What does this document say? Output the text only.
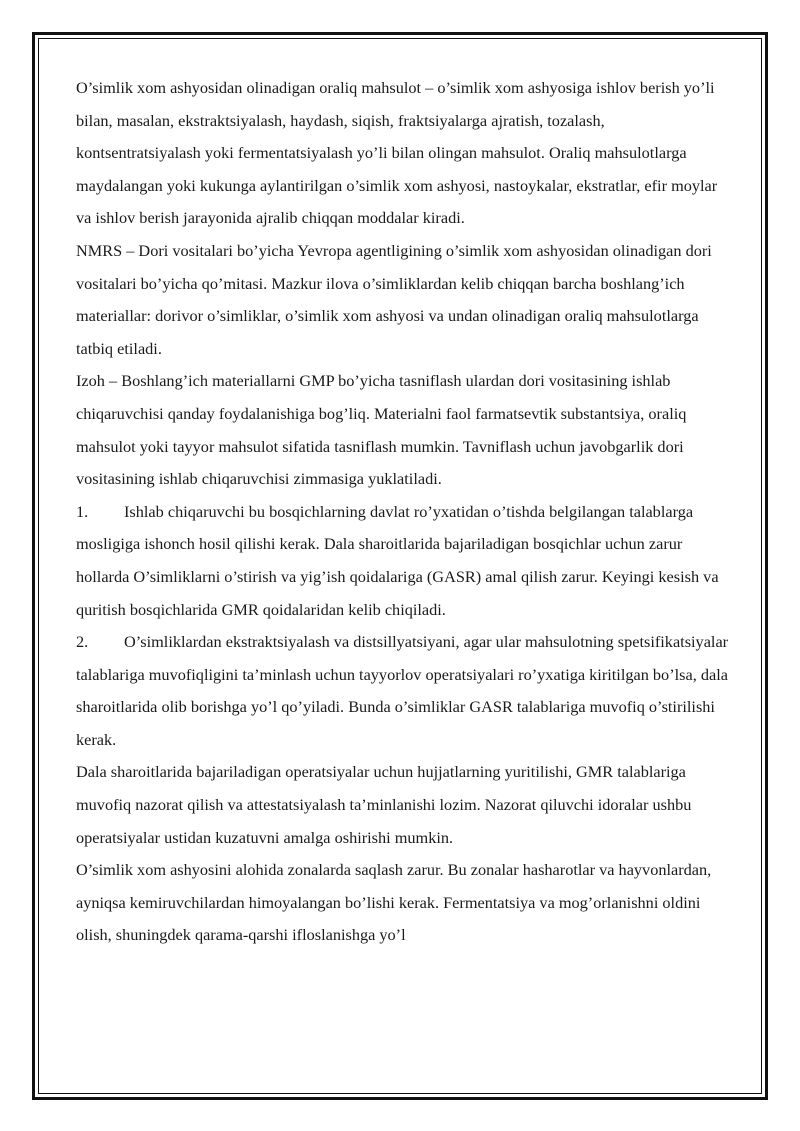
O’simlik xom ashyosidan olinadigan oraliq mahsulot – o’simlik xom ashyosiga ishlov berish yo’li bilan, masalan, ekstraktsiyalash, haydash, siqish, fraktsiyalarga ajratish, tozalash, kontsentratsiyalash yoki fermentatsiyalash yo’li bilan olingan mahsulot. Oraliq mahsulotlarga maydalangan yoki kukunga aylantirilgan o’simlik xom ashyosi, nastoykalar, ekstratlar, efir moylar va ishlov berish jarayonida ajralib chiqqan moddalar kiradi.

NMRS – Dori vositalari bo’yicha Yevropa agentligining o’simlik xom ashyosidan olinadigan dori vositalari bo’yicha qo’mitasi. Mazkur ilova o’simliklardan kelib chiqqan barcha boshlang’ich materiallar: dorivor o’simliklar, o’simlik xom ashyosi va undan olinadigan oraliq mahsulotlarga tatbiq etiladi.

Izoh – Boshlang’ich materiallarni GMP bo’yicha tasniflash ulardan dori vositasining ishlab chiqaruvchisi qanday foydalanishiga bog’liq. Materialni faol farmatsevtik substantsiya, oraliq mahsulot yoki tayyor mahsulot sifatida tasniflash mumkin. Tavniflash uchun javobgarlik dori vositasining ishlab chiqaruvchisi zimmasiga yuklatiladi.

1. Ishlab chiqaruvchi bu bosqichlarning davlat ro’yxatidan o’tishda belgilangan talablarga mosligiga ishonch hosil qilishi kerak. Dala sharoitlarida bajariladigan bosqichlar uchun zarur hollarda O’simliklarni o’stirish va yig’ish qoidalariga (GASR) amal qilish zarur. Keyingi kesish va quritish bosqichlarida GMR qoidalaridan kelib chiqiladi.

2. O’simliklardan ekstraktsiyalash va distsillyatsiyani, agar ular mahsulotning spetsifikatsiyalar talablariga muvofiqligini ta’minlash uchun tayyorlov operatsiyalari ro’yxatiga kiritilgan bo’lsa, dala sharoitlarida olib borishga yo’l qo’yiladi. Bunda o’simliklar GASR talablariga muvofiq o’stirilishi kerak.

Dala sharoitlarida bajariladigan operatsiyalar uchun hujjatlarning yuritilishi, GMR talablariga muvofiq nazorat qilish va attestatsiyalash ta’minlanishi lozim. Nazorat qiluvchi idoralar ushbu operatsiyalar ustidan kuzatuvni amalga oshirishi mumkin.

O’simlik xom ashyosini alohida zonalarda saqlash zarur. Bu zonalar hasharotlar va hayvonlardan, ayniqsa kemiruvchilardan himoyalangan bo’lishi kerak. Fermentatsiya va mog’orlanishni oldini olish, shuningdek qarama-qarshi ifloslanishga yo’l
